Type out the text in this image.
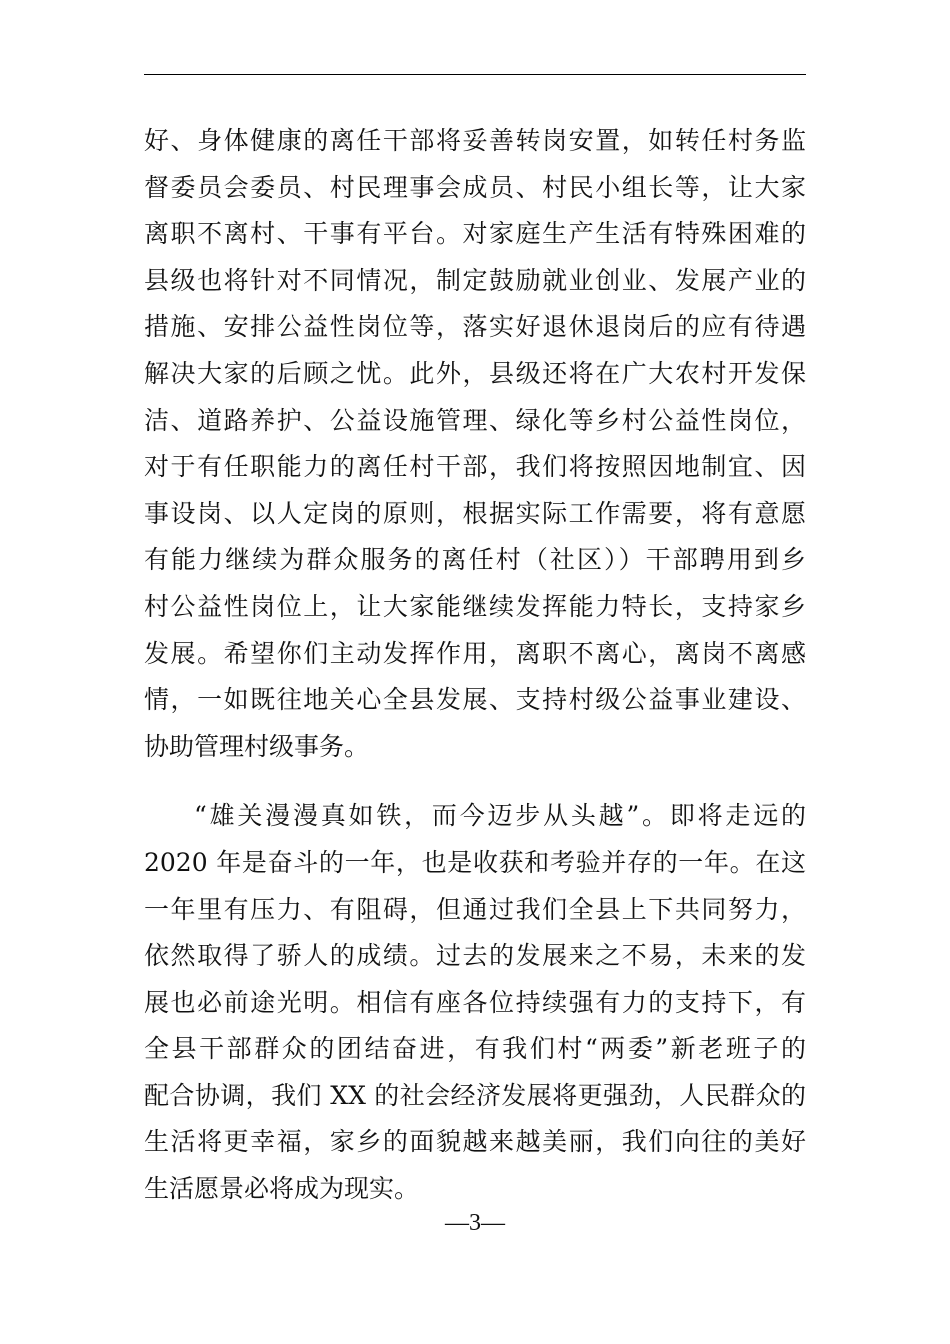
好、身体健康的离任干部将妥善转岗安置，如转任村务监
督委员会委员、村民理事会成员、村民小组长等，让大家
离职不离村、干事有平台。对家庭生产生活有特殊困难的
县级也将针对不同情况，制定鼓励就业创业、发展产业的
措施、安排公益性岗位等，落实好退休退岗后的应有待遇
解决大家的后顾之忧。此外，县级还将在广大农村开发保
洁、道路养护、公益设施管理、绿化等乡村公益性岗位，
对于有任职能力的离任村干部，我们将按照因地制宜、因
事设岗、以人定岗的原则，根据实际工作需要，将有意愿
有能力继续为群众服务的离任村（社区））干部聘用到乡
村公益性岗位上，让大家能继续发挥能力特长，支持家乡
发展。希望你们主动发挥作用，离职不离心，离岗不离感
情，一如既往地关心全县发展、支持村级公益事业建设、
协助管理村级事务。
“雄关漫漫真如铁，而今迈步从头越”。即将走远的
2020 年是奋斗的一年，也是收获和考验并存的一年。在这
一年里有压力、有阻碍，但通过我们全县上下共同努力，
依然取得了骄人的成绩。过去的发展来之不易，未来的发
展也必前途光明。相信有座各位持续强有力的支持下，有
全县干部群众的团结奋进，有我们村“两委”新老班子的
配合协调，我们 XX 的社会经济发展将更强劲，人民群众的
生活将更幸福，家乡的面貌越来越美丽，我们向往的美好
生活愿景必将成为现实。
—3—
